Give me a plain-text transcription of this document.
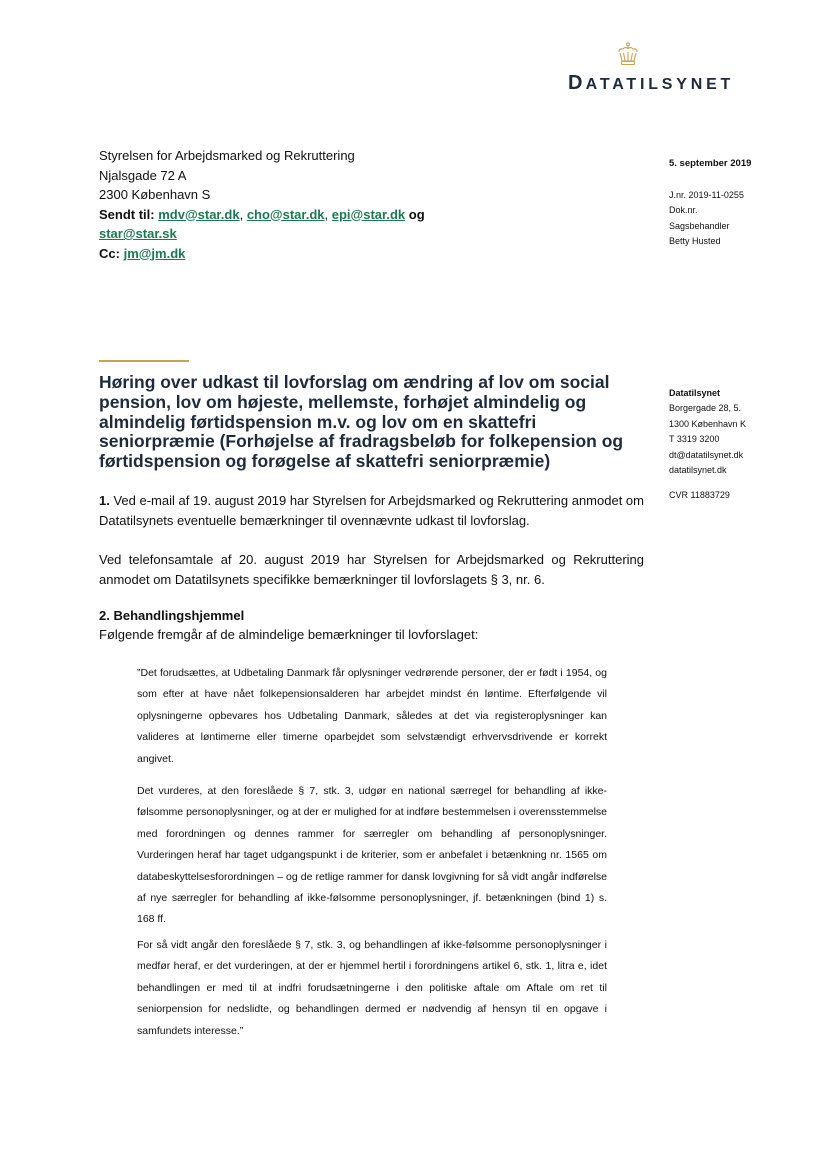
DATATILSYNET
Styrelsen for Arbejdsmarked og Rekruttering
Njalsgade 72 A
2300 København S
Sendt til: mdv@star.dk, cho@star.dk, epi@star.dk og
star@star.sk
Cc: jm@jm.dk
5. september 2019
J.nr. 2019-11-0255
Dok.nr.
Sagsbehandler
Betty Husted
Datatilsynet
Borgergade 28, 5.
1300 København K
T 3319 3200
dt@datatilsynet.dk
datatilsynet.dk
CVR 11883729
Høring over udkast til lovforslag om ændring af lov om social pension, lov om højeste, mellemste, forhøjet almindelig og almindelig førtidspension m.v. og lov om en skattefri seniorpræmie (Forhøjelse af fradragsbeløb for folkepension og førtidspension og forøgelse af skattefri seniorpræmie)
1. Ved e-mail af 19. august 2019 har Styrelsen for Arbejdsmarked og Rekruttering anmodet om Datatilsynets eventuelle bemærkninger til ovennævnte udkast til lovforslag.
Ved telefonsamtale af 20. august 2019 har Styrelsen for Arbejdsmarked og Rekruttering anmodet om Datatilsynets specifikke bemærkninger til lovforslagets § 3, nr. 6.
2. Behandlingshjemmel
Følgende fremgår af de almindelige bemærkninger til lovforslaget:
”Det forudsættes, at Udbetaling Danmark får oplysninger vedrørende personer, der er født i 1954, og som efter at have nået folkepensionsalderen har arbejdet mindst én løntime. Efterfølgende vil oplysningerne opbevares hos Udbetaling Danmark, således at det via registeroplysninger kan valideres at løntimerne eller timerne oparbejdet som selvstændigt erhvervsdrivende er korrekt angivet.
Det vurderes, at den foreslåede § 7, stk. 3, udgør en national særregel for behandling af ikke-følsomme personoplysninger, og at der er mulighed for at indføre bestemmelsen i overensstemmelse med forordningen og dennes rammer for særregler om behandling af personoplysninger. Vurderingen heraf har taget udgangspunkt i de kriterier, som er anbefalet i betænkning nr. 1565 om databeskyttelsesforordningen – og de retlige rammer for dansk lovgivning for så vidt angår indførelse af nye særregler for behandling af ikke-følsomme personoplysninger, jf. betænkningen (bind 1) s. 168 ff.
For så vidt angår den foreslåede § 7, stk. 3, og behandlingen af ikke-følsomme personoplysninger i medfør heraf, er det vurderingen, at der er hjemmel hertil i forordningens artikel 6, stk. 1, litra e, idet behandlingen er med til at indfri forudsætningerne i den politiske aftale om Aftale om ret til seniorpension for nedslidte, og behandlingen dermed er nødvendig af hensyn til en opgave i samfundets interesse.”
